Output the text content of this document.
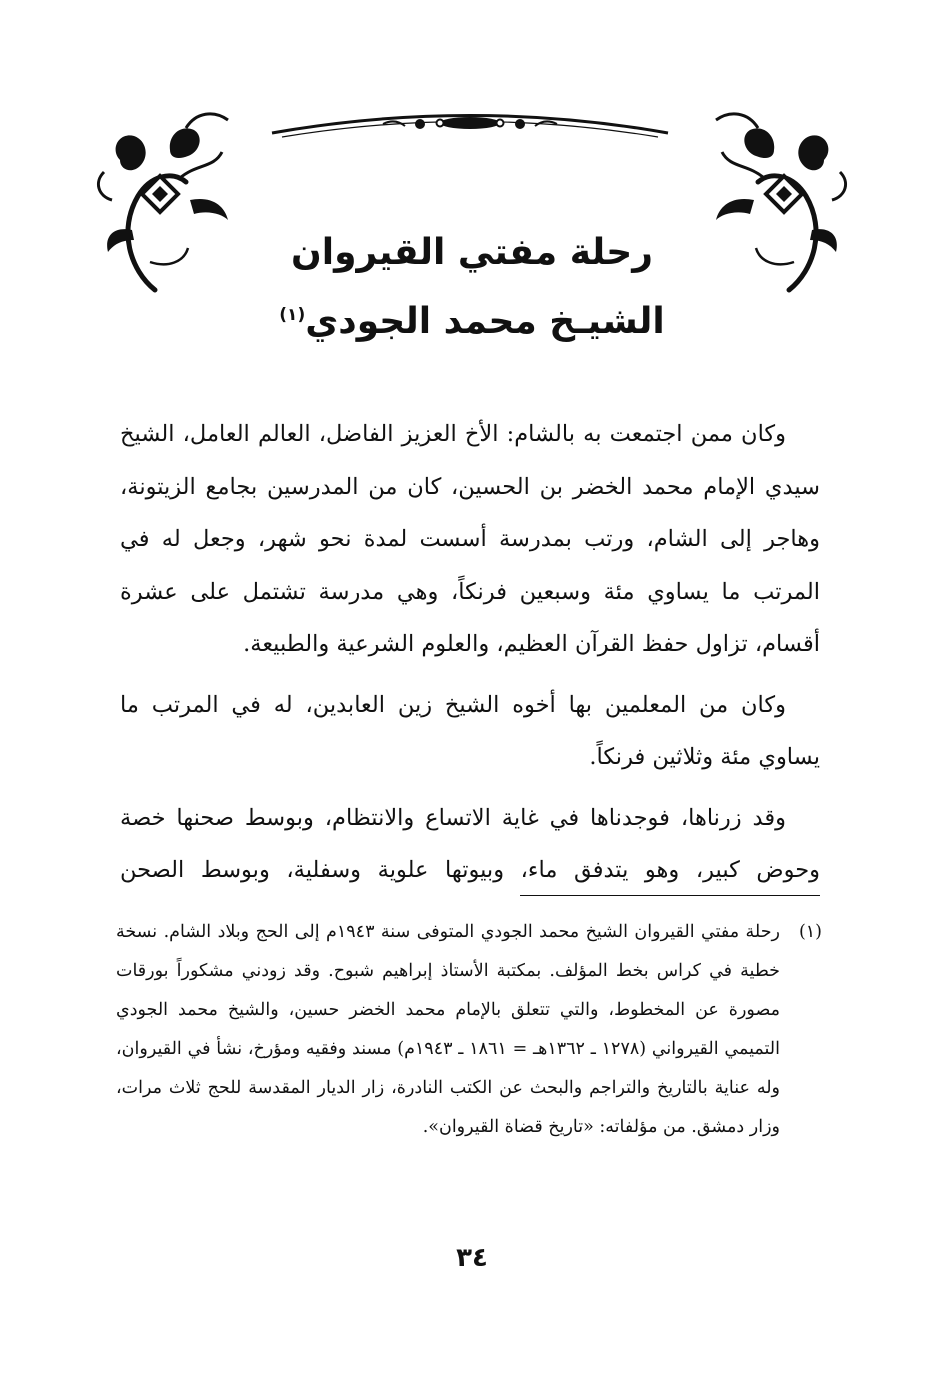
رحلة مفتي القيروان
الشيـخ محمد الجودي$^{(١)}$

وكان ممن اجتمعت به بالشام: الأخ العزيز الفاضل، العالم العامل، الشيخ سيدي الإمام محمد الخضر بن الحسين، كان من المدرسين بجامع الزيتونة، وهاجر إلى الشام، ورتب بمدرسة أسست لمدة نحو شهر، وجعل له في المرتب ما يساوي مئة وسبعين فرنكاً، وهي مدرسة تشتمل على عشرة أقسام، تزاول حفظ القرآن العظيم، والعلوم الشرعية والطبيعة.

وكان من المعلمين بها أخوه الشيخ زين العابدين، له في المرتب ما يساوي مئة وثلاثين فرنكاً.

وقد زرناها، فوجدناها في غاية الاتساع والانتظام، وبوسط صحنها خصة وحوض كبير، وهو يتدفق ماء، وبيوتها علوية وسفلية، وبوسط الصحن

(١)
رحلة مفتي القيروان الشيخ محمد الجودي المتوفى سنة ١٩٤٣م إلى الحج وبلاد الشام. نسخة خطية في كراس بخط المؤلف. بمكتبة الأستاذ إبراهيم شبوح. وقد زودني مشكوراً بورقات مصورة عن المخطوط، والتي تتعلق بالإمام محمد الخضر حسين، والشيخ محمد الجودي التميمي القيرواني (١٢٧٨ ـ ١٣٦٢هـ = ١٨٦١ ـ ١٩٤٣م) مسند وفقيه ومؤرخ، نشأ في القيروان، وله عناية بالتاريخ والتراجم والبحث عن الكتب النادرة، زار الديار المقدسة للحج ثلاث مرات، وزار دمشق. من مؤلفاته: «تاريخ قضاة القيروان».
٣٤
